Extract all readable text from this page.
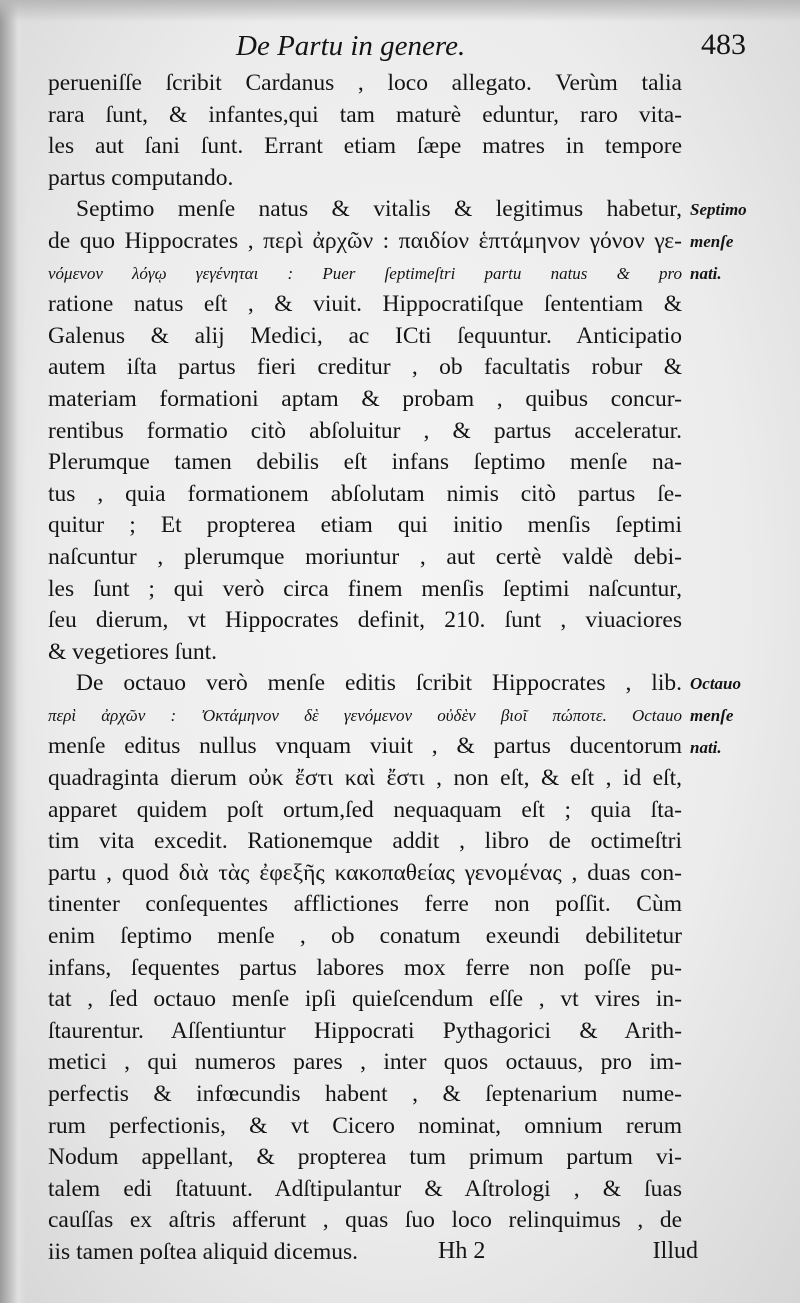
De Partu in genere.	483
perueniſſe ſcribit Cardanus , loco allegato. Verùm talia
rara ſunt, & infantes,qui tam maturè eduntur, raro vita-
les aut ſani ſunt. Errant etiam ſæpe matres in tempore
partus computando.
Septimo menſe natus & vitalis & legitimus habetur,
de quo Hippocrates , περὶ ἀρχῶν : παιδίον ἑπτάμηνον γόνον γε-
νόμενον λόγῳ γεγένηται : Puer ſeptimeſtri partu natus & pro
ratione natus eſt , & viuit. Hippocratiſque ſententiam &
Galenus & alij Medici, ac ICti ſequuntur. Anticipatio
autem iſta partus fieri creditur , ob facultatis robur &
materiam formationi aptam & probam , quibus concur-
rentibus formatio citò abſoluitur , & partus acceleratur.
Plerumque tamen debilis eſt infans ſeptimo menſe na-
tus , quia formationem abſolutam nimis citò partus ſe-
quitur ; Et propterea etiam qui initio menſis ſeptimi
naſcuntur , plerumque moriuntur , aut certè valdè debi-
les ſunt ; qui verò circa finem menſis ſeptimi naſcuntur,
ſeu dierum, vt Hippocrates definit, 210. ſunt , viuaciores
& vegetiores ſunt.
De octauo verò menſe editis ſcribit Hippocrates , lib.
περὶ ἀρχῶν : Ὀκτάμηνον δὲ γενόμενον οὐδὲν βιοῖ πώποτε. Octauo
menſe editus nullus vnquam viuit , & partus ducentorum
quadraginta dierum οὐκ ἔστι καὶ ἔστι , non eſt, & eſt , id eſt,
apparet quidem poſt ortum,ſed nequaquam eſt ; quia ſta-
tim vita excedit. Rationemque addit , libro de octimeſtri
partu , quod διὰ τὰς ἐφεξῆς κακοπαθείας γενομένας , duas con-
tinenter conſequentes afflictiones ferre non poſſit. Cùm
enim ſeptimo menſe , ob conatum exeundi debilitetur
infans, ſequentes partus labores mox ferre non poſſe pu-
tat , ſed octauo menſe ipſi quieſcendum eſſe , vt vires in-
ſtaurentur. Aſſentiuntur Hippocrati Pythagorici & Arith-
metici , qui numeros pares , inter quos octauus, pro im-
perfectis & infœcundis habent , & ſeptenarium nume-
rum perfectionis, & vt Cicero nominat, omnium rerum
Nodum appellant, & propterea tum primum partum vi-
talem edi ſtatuunt. Adſtipulantur & Aſtrologi , & ſuas
cauſſas ex aſtris afferunt , quas ſuo loco relinquimus , de
iis tamen poſtea aliquid dicemus.
Septimo
menſe
nati.
Octauo
menſe
nati.
Hh 2	Illud
